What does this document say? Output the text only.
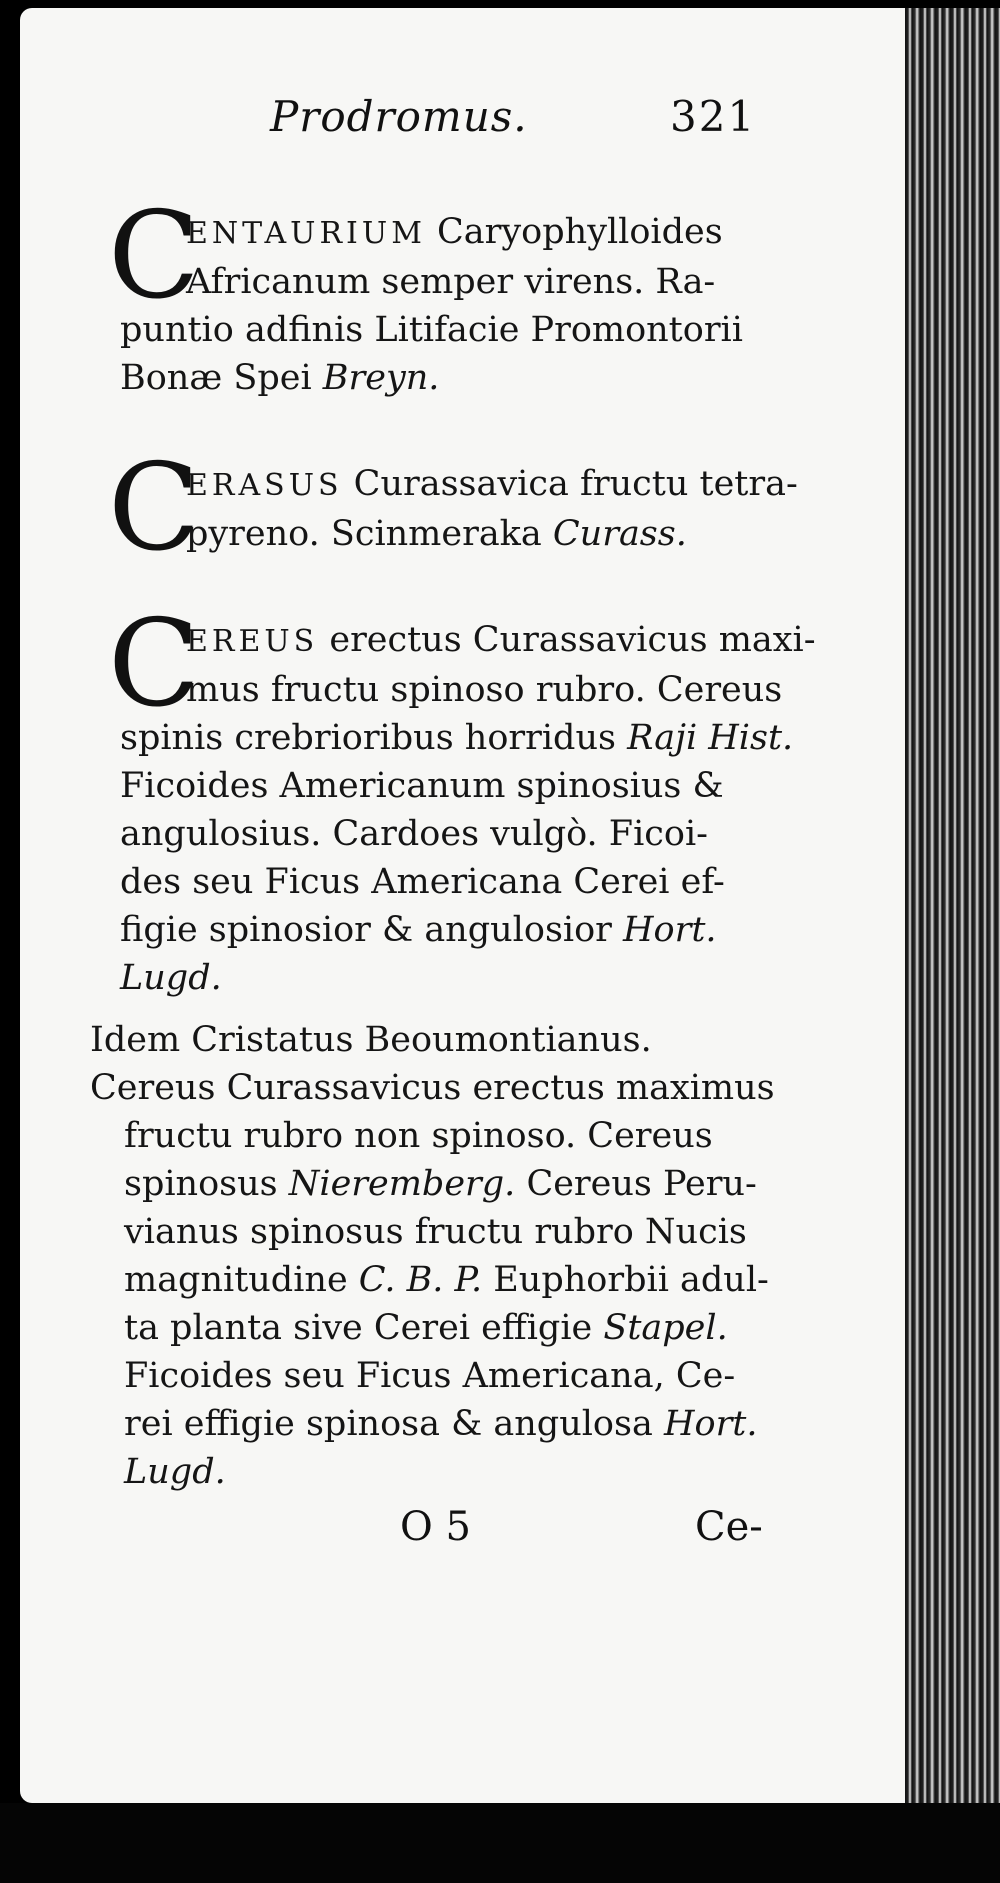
Prodromus.	321
C
ENTAURIUM Caryophylloides
Africanum semper virens. Ra-
puntio adfinis Litifacie Promontorii
Bonæ Spei Breyn.
C
ERASUS Curassavica fructu tetra-
pyreno. Scinmeraka Curass.
C
EREUS erectus Curassavicus maxi-
mus fructu spinoso rubro. Cereus
spinis crebrioribus horridus Raji Hist.
Ficoides Americanum spinosius &
angulosius. Cardoes vulgò. Ficoi-
des seu Ficus Americana Cerei ef-
figie spinosior & angulosior Hort.
Lugd.
Idem Cristatus Beoumontianus.
Cereus Curassavicus erectus maximus
fructu rubro non spinoso. Cereus
spinosus Nieremberg. Cereus Peru-
vianus spinosus fructu rubro Nucis
magnitudine C. B. P. Euphorbii adul-
ta planta sive Cerei effigie Stapel.
Ficoides seu Ficus Americana, Ce-
rei effigie spinosa & angulosa Hort.
Lugd.
O 5	Ce-
